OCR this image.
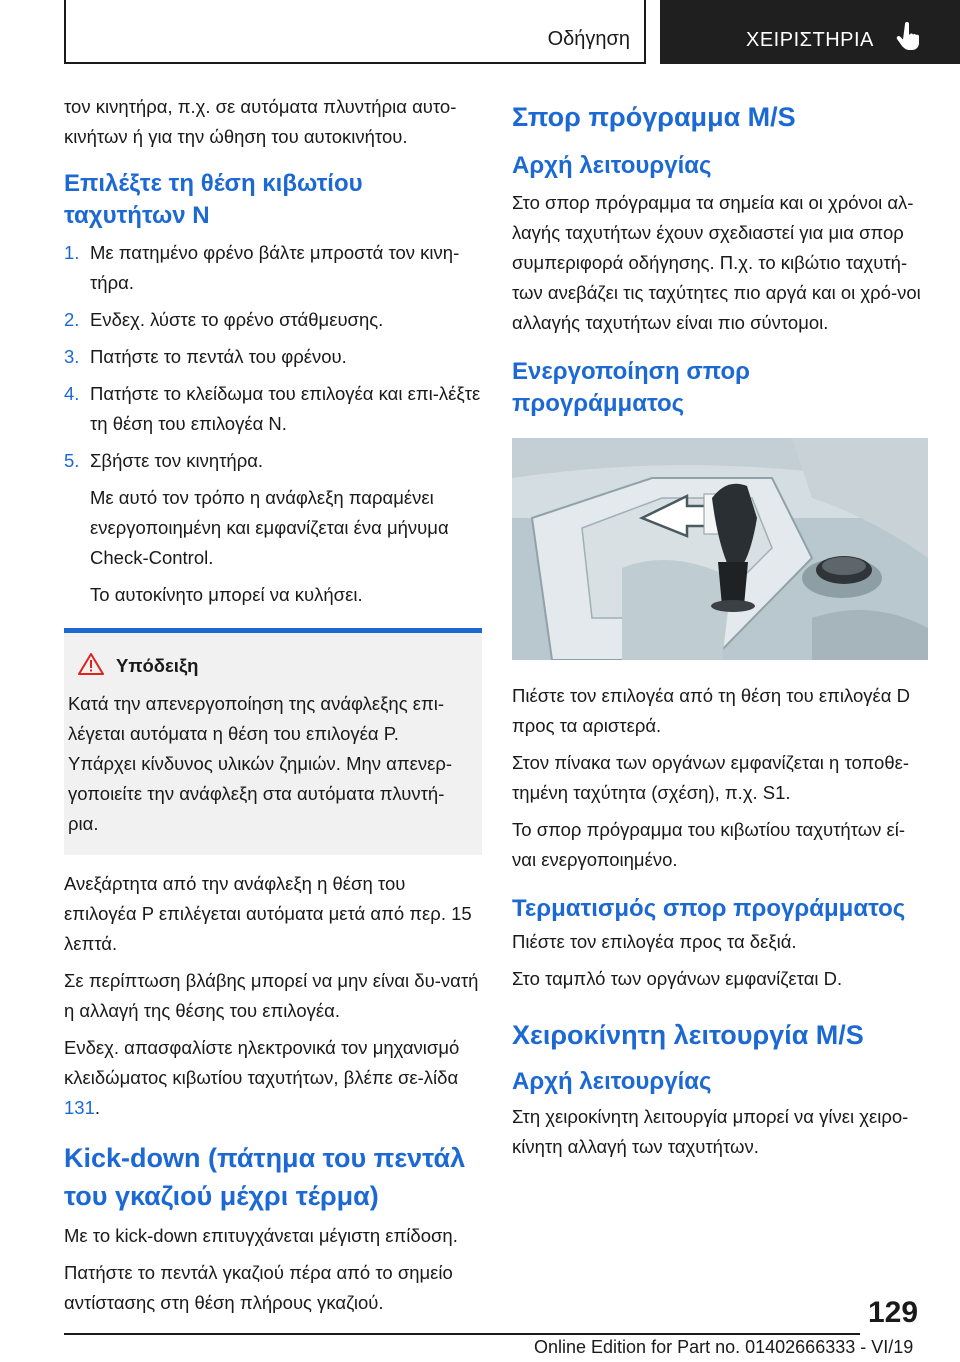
Οδήγηση	ΧΕΙΡΙΣΤΗΡΙΑ

τον κινητήρα, π.χ. σε αυτόματα πλυντήρια αυτο-κινήτων ή για την ώθηση του αυτοκινήτου.

Επιλέξτε τη θέση κιβωτίου ταχυτήτων N
1. Με πατημένο φρένο βάλτε μπροστά τον κινη-τήρα.
2. Ενδεχ. λύστε το φρένο στάθμευσης.
3. Πατήστε το πεντάλ του φρένου.
4. Πατήστε το κλείδωμα του επιλογέα και επι-λέξτε τη θέση του επιλογέα N.
5. Σβήστε τον κινητήρα.
Με αυτό τον τρόπο η ανάφλεξη παραμένει ενεργοποιημένη και εμφανίζεται ένα μήνυμα Check-Control.
Το αυτοκίνητο μπορεί να κυλήσει.
Υπόδειξη
Κατά την απενεργοποίηση της ανάφλεξης επι-λέγεται αυτόματα η θέση του επιλογέα P. Υπάρχει κίνδυνος υλικών ζημιών. Μην απενερ-γοποιείτε την ανάφλεξη στα αυτόματα πλυντή-ρια.

Ανεξάρτητα από την ανάφλεξη η θέση του επιλογέα P επιλέγεται αυτόματα μετά από περ. 15 λεπτά.

Σε περίπτωση βλάβης μπορεί να μην είναι δυ-νατή η αλλαγή της θέσης του επιλογέα.

Ενδεχ. απασφαλίστε ηλεκτρονικά τον μηχανισμό κλειδώματος κιβωτίου ταχυτήτων, βλέπε σε-λίδα 131.

Kick-down (πάτημα του πεντάλ του γκαζιού μέχρι τέρμα)

Με το kick-down επιτυγχάνεται μέγιστη επίδοση.

Πατήστε το πεντάλ γκαζιού πέρα από το σημείο αντίστασης στη θέση πλήρους γκαζιού.

Σπορ πρόγραμμα M/S
Αρχή λειτουργίας

Στο σπορ πρόγραμμα τα σημεία και οι χρόνοι αλ-λαγής ταχυτήτων έχουν σχεδιαστεί για μια σπορ συμπεριφορά οδήγησης. Π.χ. το κιβώτιο ταχυτή-των ανεβάζει τις ταχύτητες πιο αργά και οι χρό-νοι αλλαγής ταχυτήτων είναι πιο σύντομοι.

Ενεργοποίηση σπορ προγράμματος

Πιέστε τον επιλογέα από τη θέση του επιλογέα D προς τα αριστερά.

Στον πίνακα των οργάνων εμφανίζεται η τοποθε-τημένη ταχύτητα (σχέση), π.χ. S1.

Το σπορ πρόγραμμα του κιβωτίου ταχυτήτων εί-ναι ενεργοποιημένο.

Τερματισμός σπορ προγράμματος

Πιέστε τον επιλογέα προς τα δεξιά.

Στο ταμπλό των οργάνων εμφανίζεται D.

Χειροκίνητη λειτουργία M/S
Αρχή λειτουργίας

Στη χειροκίνητη λειτουργία μπορεί να γίνει χειρο-κίνητη αλλαγή των ταχυτήτων.

129
Online Edition for Part no. 01402666333 - VI/19
